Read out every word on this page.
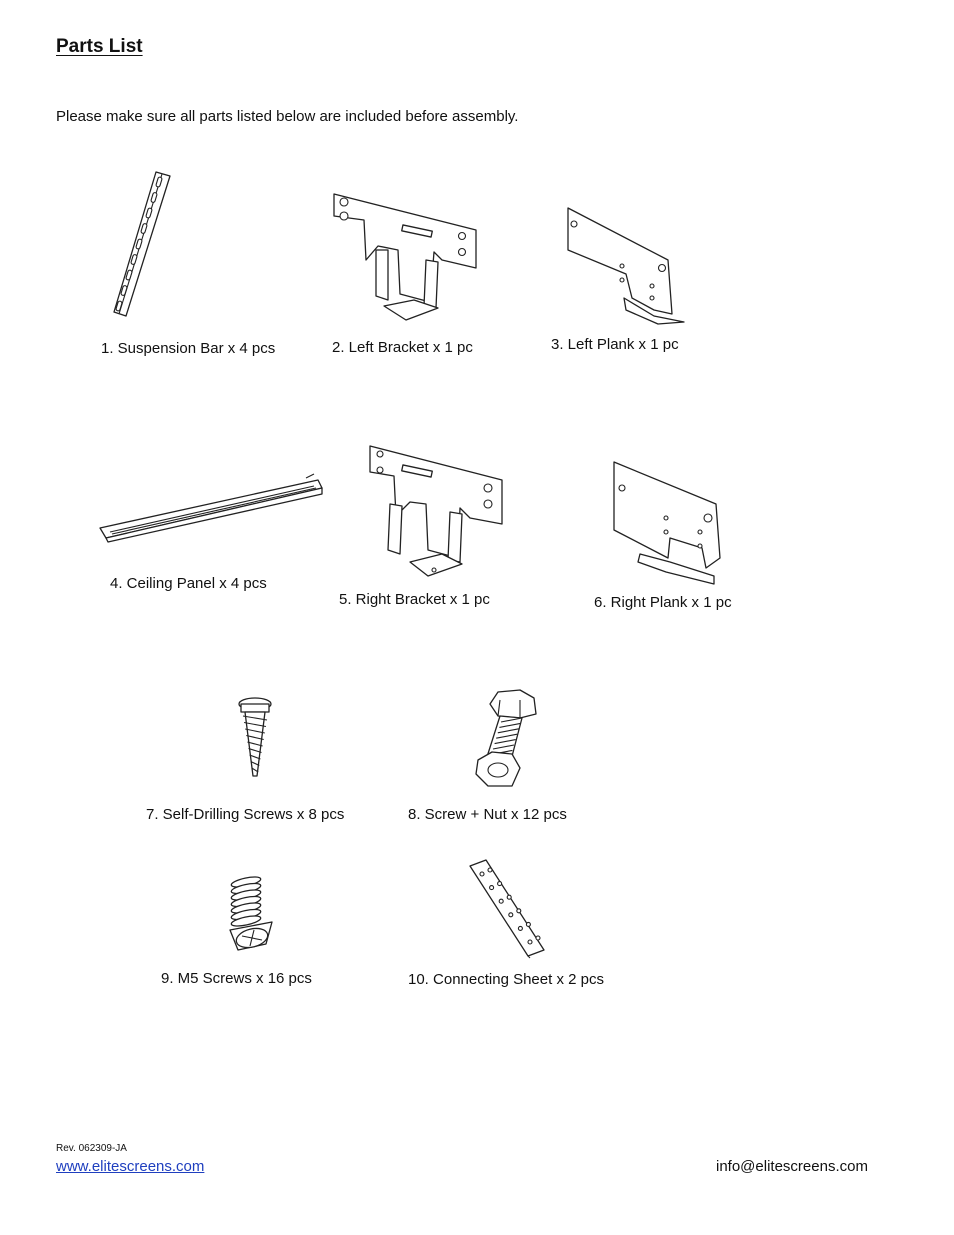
Parts List
Please make sure all parts listed below are included before assembly.
1. Suspension Bar x 4 pcs	2. Left Bracket x 1 pc	3. Left Plank x 1 pc
4. Ceiling Panel x 4 pcs
5. Right Bracket x 1 pc	6. Right Plank x 1 pc
7. Self-Drilling Screws x 8 pcs	8. Screw + Nut x 12 pcs
9. M5 Screws x 16 pcs	10. Connecting Sheet x 2 pcs
Rev. 062309-JA
www.elitescreens.com	info@elitescreens.com
